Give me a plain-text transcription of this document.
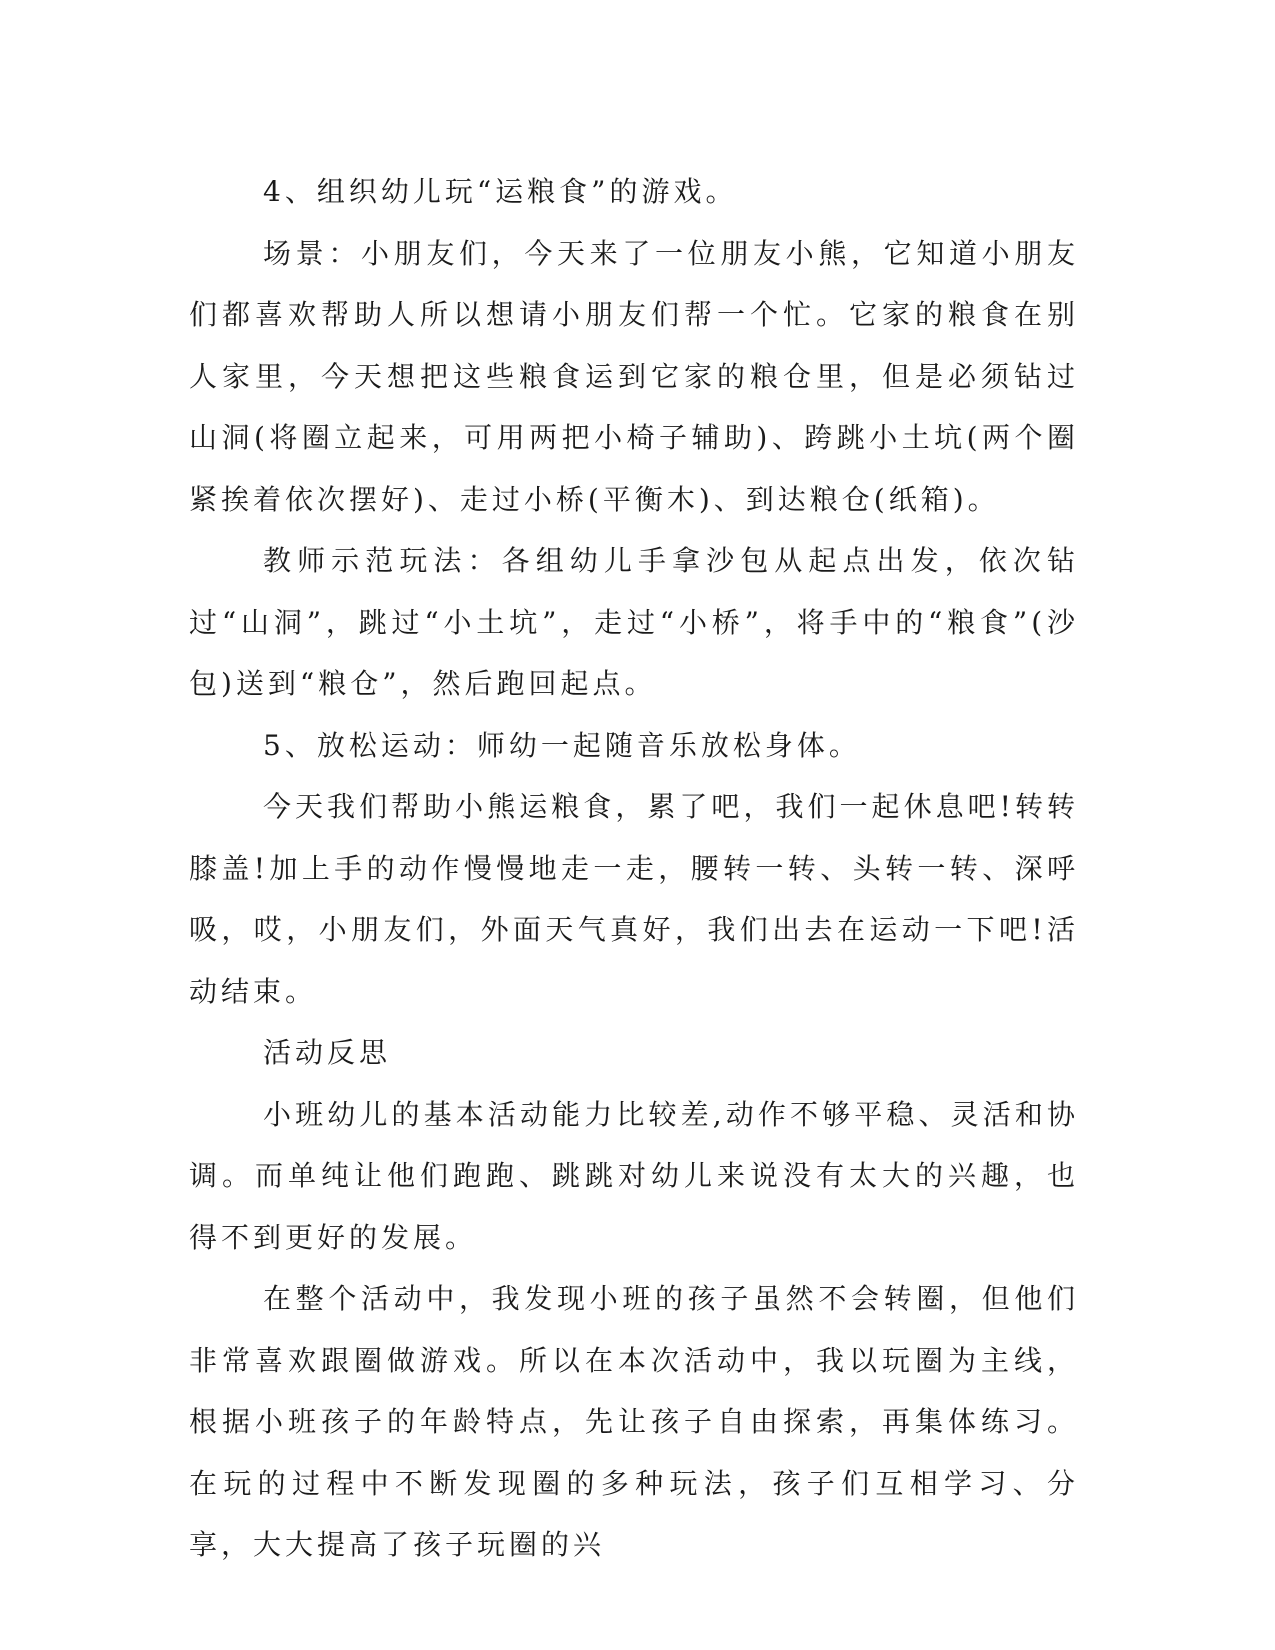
4、组织幼儿玩“运粮食”的游戏。

场景：小朋友们，今天来了一位朋友小熊，它知道小朋友们都喜欢帮助人所以想请小朋友们帮一个忙。它家的粮食在别人家里，今天想把这些粮食运到它家的粮仓里，但是必须钻过山洞(将圈立起来，可用两把小椅子辅助)、跨跳小土坑(两个圈紧挨着依次摆好)、走过小桥(平衡木)、到达粮仓(纸箱)。

教师示范玩法：各组幼儿手拿沙包从起点出发，依次钻过“山洞”，跳过“小土坑”，走过“小桥”，将手中的“粮食”(沙包)送到“粮仓”，然后跑回起点。

5、放松运动：师幼一起随音乐放松身体。

今天我们帮助小熊运粮食，累了吧，我们一起休息吧!转转膝盖!加上手的动作慢慢地走一走，腰转一转、头转一转、深呼吸，哎，小朋友们，外面天气真好，我们出去在运动一下吧!活动结束。

活动反思

小班幼儿的基本活动能力比较差,动作不够平稳、灵活和协调。而单纯让他们跑跑、跳跳对幼儿来说没有太大的兴趣，也得不到更好的发展。

在整个活动中，我发现小班的孩子虽然不会转圈，但他们非常喜欢跟圈做游戏。所以在本次活动中，我以玩圈为主线，根据小班孩子的年龄特点，先让孩子自由探索，再集体练习。在玩的过程中不断发现圈的多种玩法，孩子们互相学习、分享，大大提高了孩子玩圈的兴
